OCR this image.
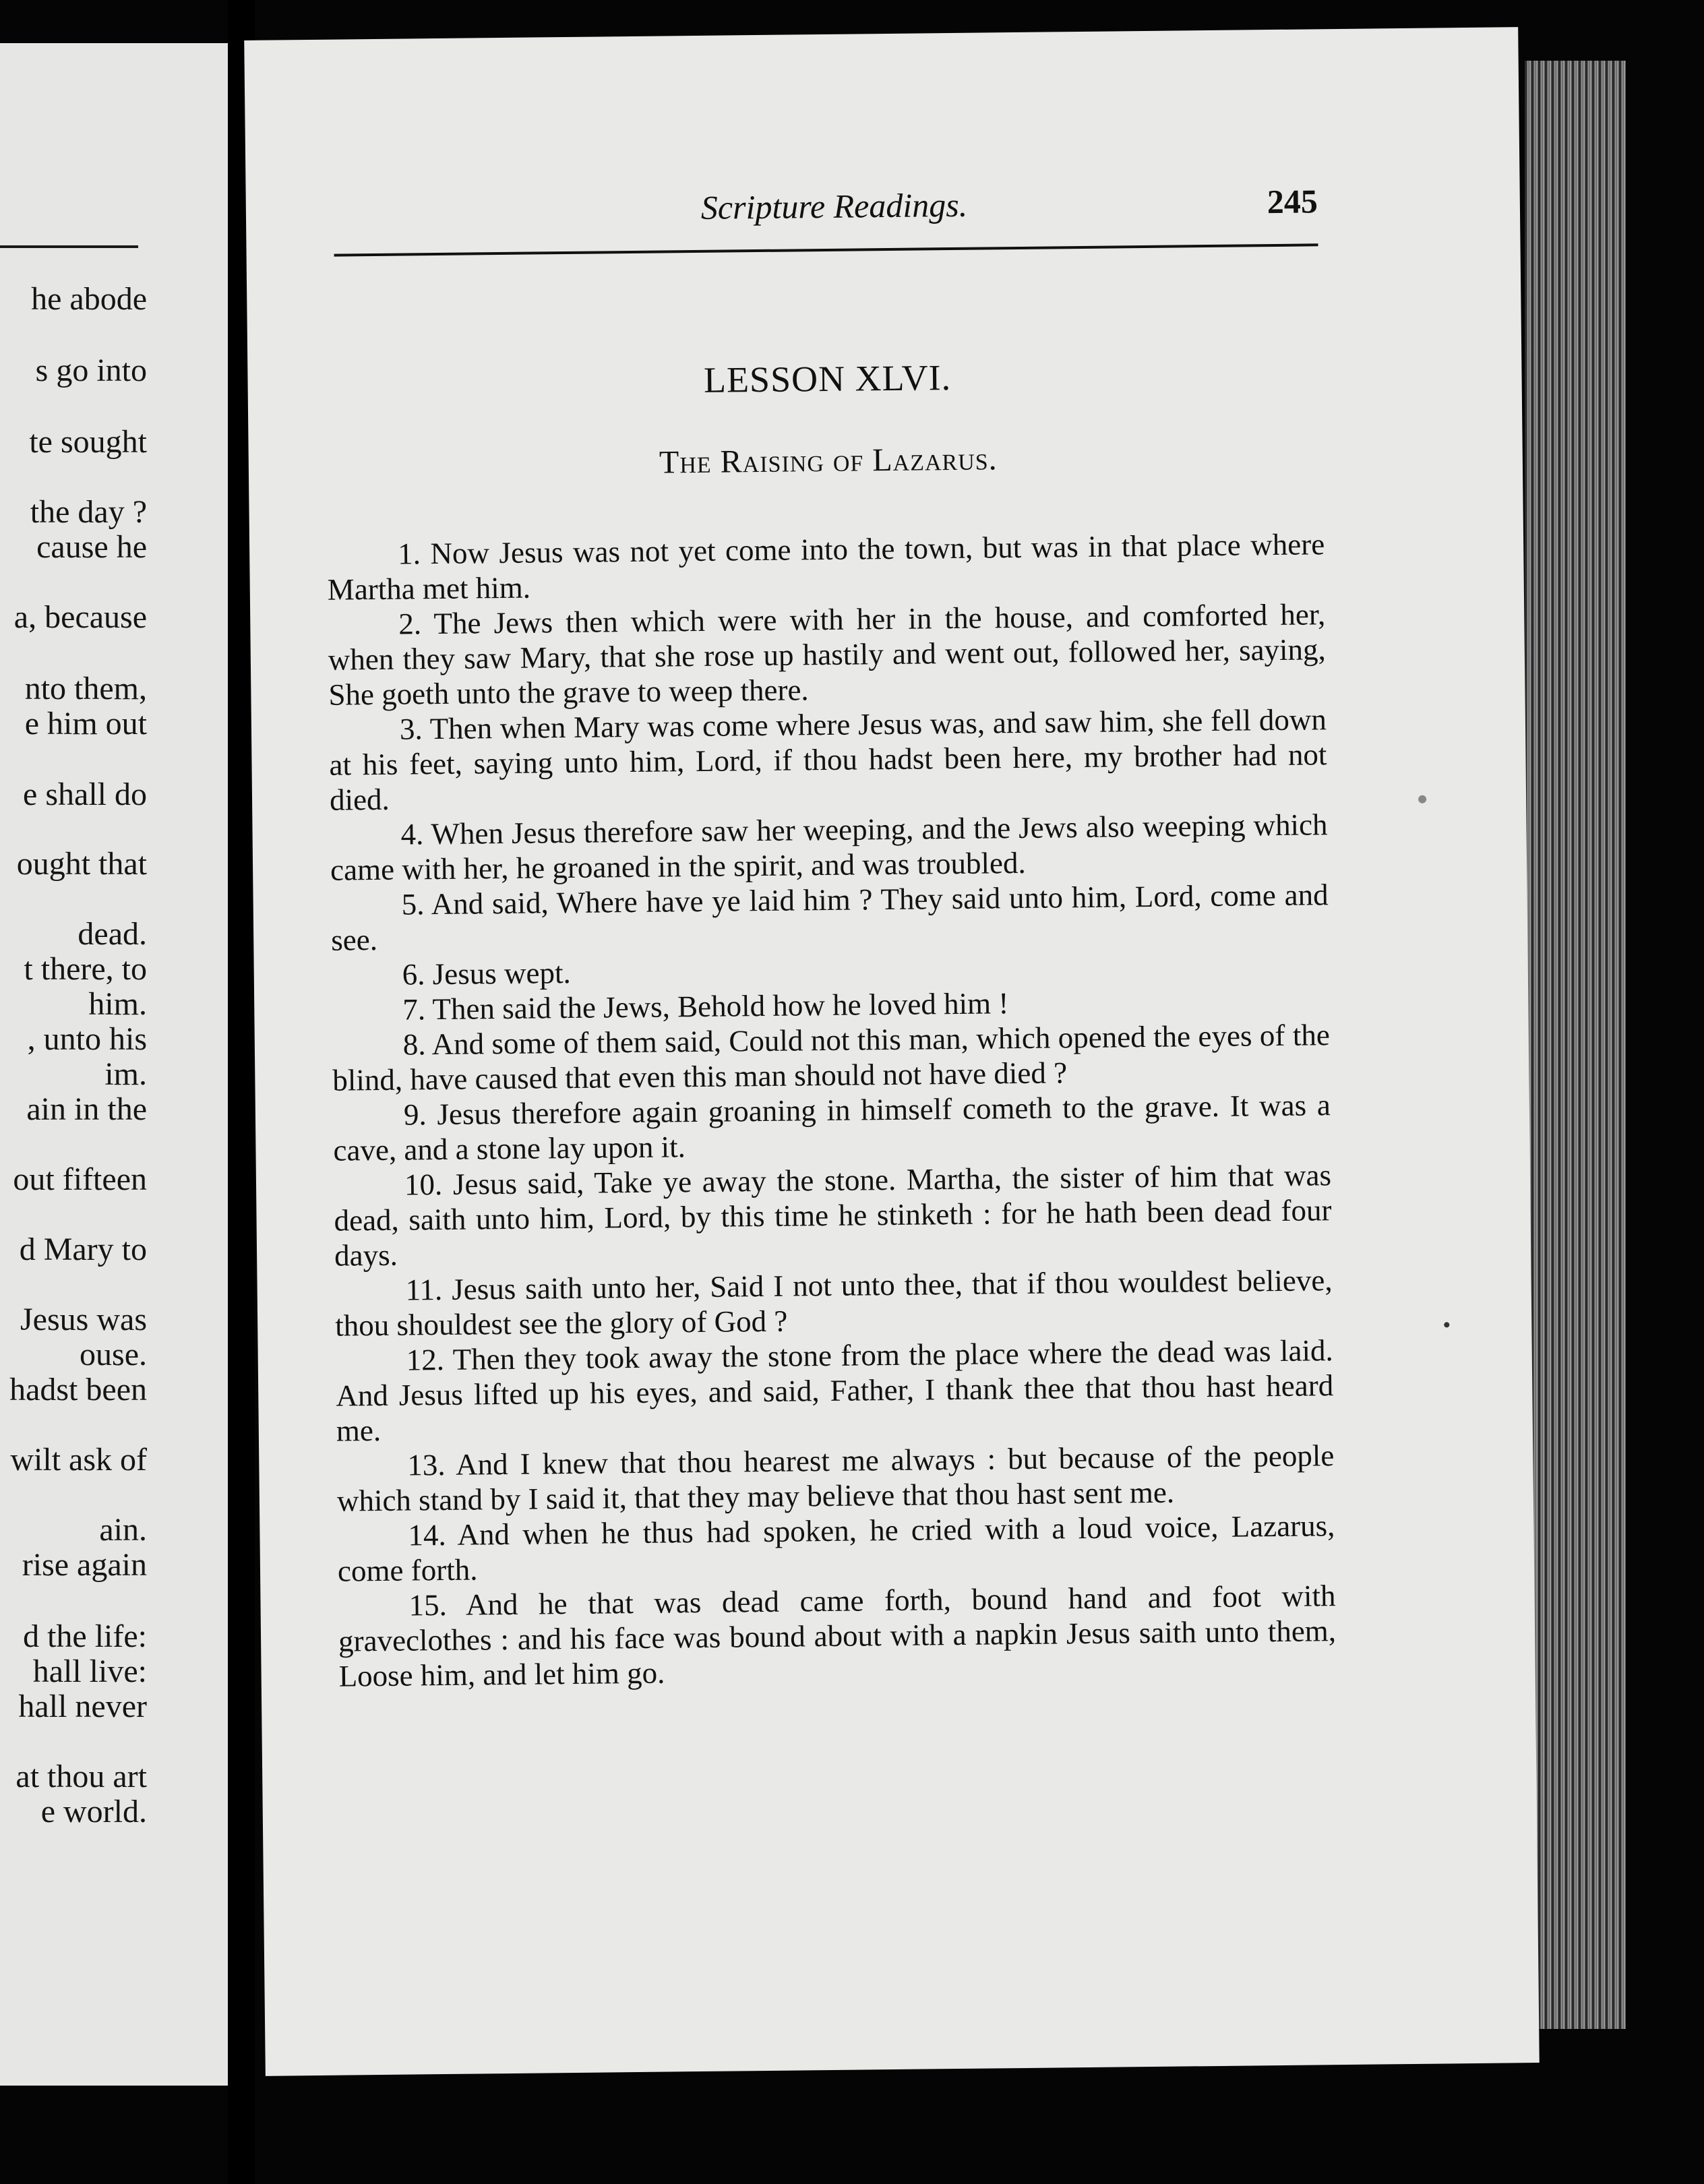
he abode
s go into
te sought
the day ?
cause he
a, because
nto them,
e him out
e shall do
ought that
dead.
t there, to
him.
, unto his
im.
ain in the
out fifteen
d Mary to
Jesus was
ouse.
hadst been
wilt ask of
ain.
rise again
d the life:
hall live:
hall never
at thou art
e world.
Scripture Readings.	245
LESSON XLVI.
The Raising of Lazarus.

1. Now Jesus was not yet come into the town, but was in that place where Martha met him.

2. The Jews then which were with her in the house, and comforted her, when they saw Mary, that she rose up hastily and went out, followed her, saying, She goeth unto the grave to weep there.

3. Then when Mary was come where Jesus was, and saw him, she fell down at his feet, saying unto him, Lord, if thou hadst been here, my brother had not died.

4. When Jesus therefore saw her weeping, and the Jews also weeping which came with her, he groaned in the spirit, and was troubled.

5. And said, Where have ye laid him ? They said unto him, Lord, come and see.

6. Jesus wept.

7. Then said the Jews, Behold how he loved him !

8. And some of them said, Could not this man, which opened the eyes of the blind, have caused that even this man should not have died ?

9. Jesus therefore again groaning in himself cometh to the grave. It was a cave, and a stone lay upon it.

10. Jesus said, Take ye away the stone. Martha, the sister of him that was dead, saith unto him, Lord, by this time he stinketh : for he hath been dead four days.

11. Jesus saith unto her, Said I not unto thee, that if thou wouldest believe, thou shouldest see the glory of God ?

12. Then they took away the stone from the place where the dead was laid. And Jesus lifted up his eyes, and said, Father, I thank thee that thou hast heard me.

13. And I knew that thou hearest me always : but because of the people which stand by I said it, that they may believe that thou hast sent me.

14. And when he thus had spoken, he cried with a loud voice, Lazarus, come forth.

15. And he that was dead came forth, bound hand and foot with graveclothes : and his face was bound about with a napkin Jesus saith unto them, Loose him, and let him go.
